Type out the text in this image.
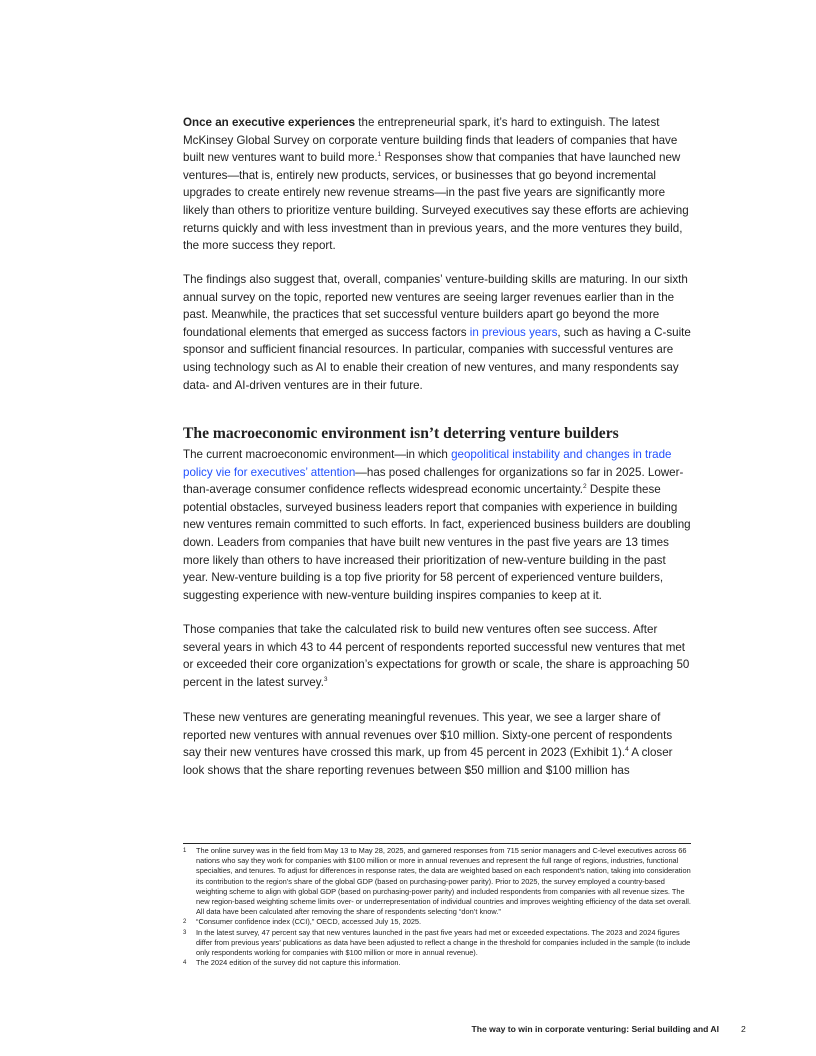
Once an executive experiences the entrepreneurial spark, it’s hard to extinguish. The latest McKinsey Global Survey on corporate venture building finds that leaders of companies that have built new ventures want to build more.$^1$ Responses show that companies that have launched new ventures—that is, entirely new products, services, or businesses that go beyond incremental upgrades to create entirely new revenue streams—in the past five years are significantly more likely than others to prioritize venture building. Surveyed executives say these efforts are achieving returns quickly and with less investment than in previous years, and the more ventures they build, the more success they report.

The findings also suggest that, overall, companies’ venture-building skills are maturing. In our sixth annual survey on the topic, reported new ventures are seeing larger revenues earlier than in the past. Meanwhile, the practices that set successful venture builders apart go beyond the more foundational elements that emerged as success factors in previous years, such as having a C-suite sponsor and sufficient financial resources. In particular, companies with successful ventures are using technology such as AI to enable their creation of new ventures, and many respondents say data- and AI-driven ventures are in their future.

The macroeconomic environment isn’t deterring venture builders

The current macroeconomic environment—in which geopolitical instability and changes in trade policy vie for executives’ attention—has posed challenges for organizations so far in 2025. Lower-than-average consumer confidence reflects widespread economic uncertainty.$^2$ Despite these potential obstacles, surveyed business leaders report that companies with experience in building new ventures remain committed to such efforts. In fact, experienced business builders are doubling down. Leaders from companies that have built new ventures in the past five years are 13 times more likely than others to have increased their prioritization of new-venture building in the past year. New-venture building is a top five priority for 58 percent of experienced venture builders, suggesting experience with new-venture building inspires companies to keep at it.

Those companies that take the calculated risk to build new ventures often see success. After several years in which 43 to 44 percent of respondents reported successful new ventures that met or exceeded their core organization’s expectations for growth or scale, the share is approaching 50 percent in the latest survey.$^3$

These new ventures are generating meaningful revenues. This year, we see a larger share of reported new ventures with annual revenues over $10 million. Sixty-one percent of respondents say their new ventures have crossed this mark, up from 45 percent in 2023 (Exhibit 1).$^4$ A closer look shows that the share reporting revenues between $50 million and $100 million has

1 The online survey was in the field from May 13 to May 28, 2025, and garnered responses from 715 senior managers and C-level executives across 66 nations who say they work for companies with $100 million or more in annual revenues and represent the full range of regions, industries, functional specialties, and tenures. To adjust for differences in response rates, the data are weighted based on each respondent’s nation, taking into consideration its contribution to the region’s share of the global GDP (based on purchasing-power parity). Prior to 2025, the survey employed a country-based weighting scheme to align with global GDP (based on purchasing-power parity) and included respondents from companies with all revenue sizes. The new region-based weighting scheme limits over- or underrepresentation of individual countries and improves weighting efficiency of the data set overall. All data have been calculated after removing the share of respondents selecting “don’t know.”
2 “Consumer confidence index (CCI),” OECD, accessed July 15, 2025.
3 In the latest survey, 47 percent say that new ventures launched in the past five years had met or exceeded expectations. The 2023 and 2024 figures differ from previous years’ publications as data have been adjusted to reflect a change in the threshold for companies included in the sample (to include only respondents working for companies with $100 million or more in annual revenue).
4 The 2024 edition of the survey did not capture this information.
The way to win in corporate venturing: Serial building and AI	2
